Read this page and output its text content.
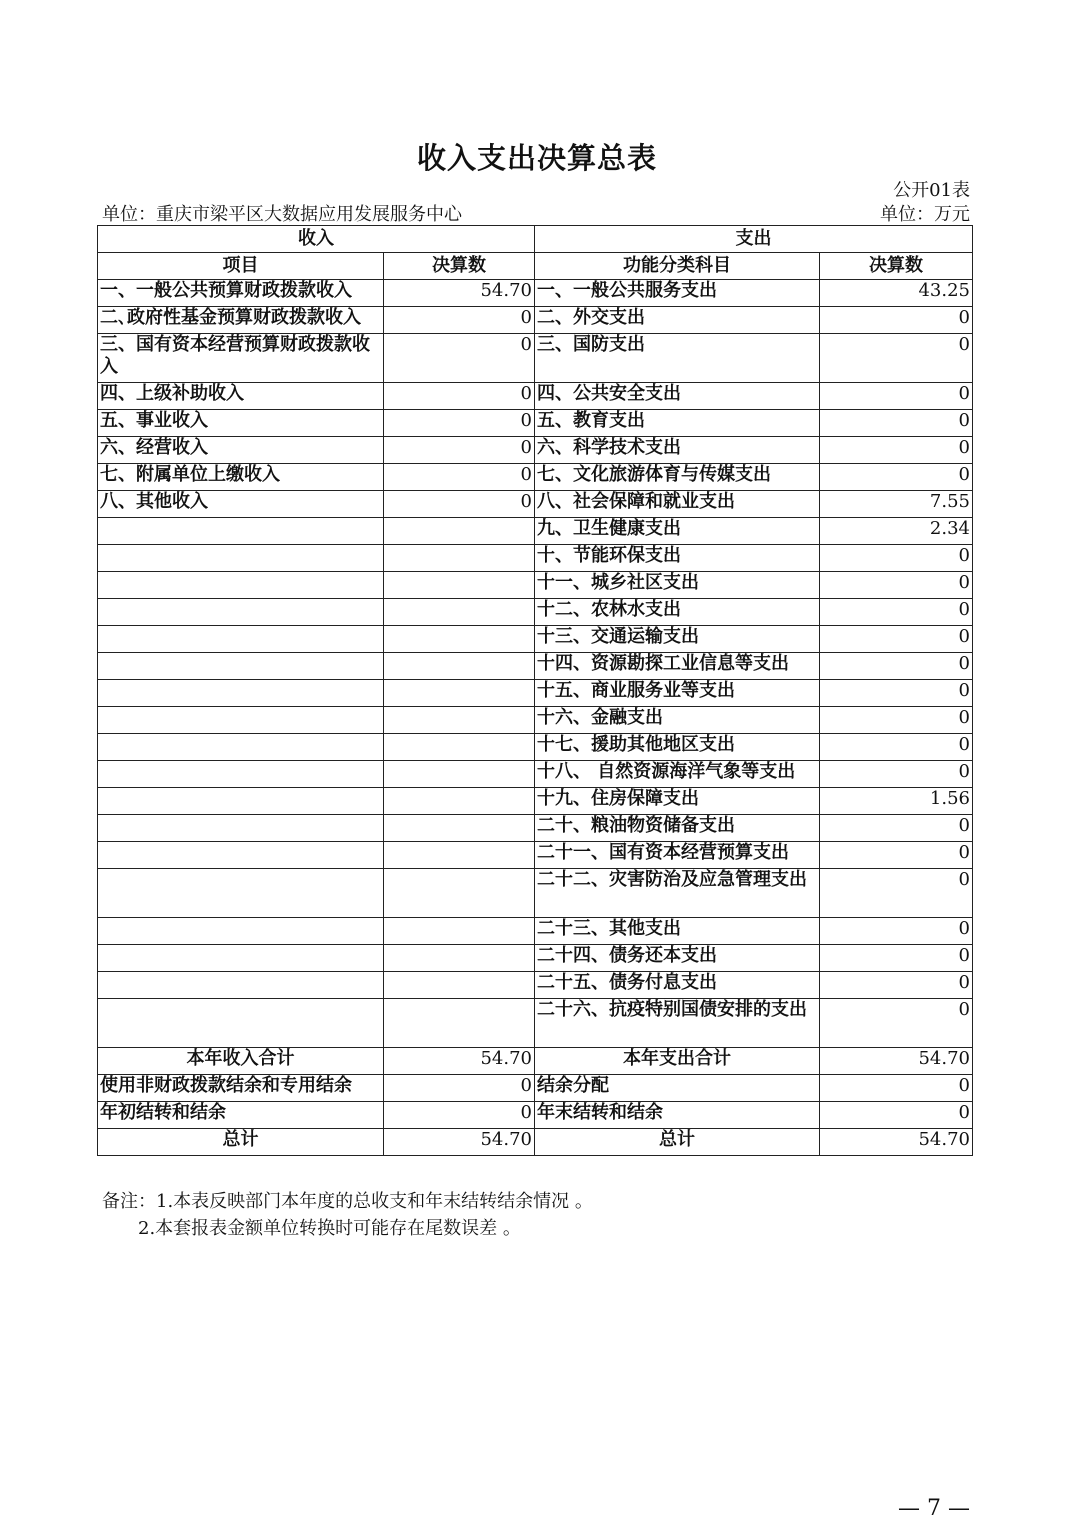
收入支出决算总表
公开01表
单位：重庆市梁平区大数据应用发展服务中心	单位：万元
收入		支出	
项目	决算数	功能分类科目	决算数
一、一般公共预算财政拨款收入	54.70	一、一般公共服务支出	43.25
二､政府性基金预算财政拨款收入	0	二、外交支出	0
三、国有资本经营预算财政拨款收入	0	三、国防支出	0
四、上级补助收入	0	四、公共安全支出	0
五、事业收入	0	五、教育支出	0
六、经营收入	0	六、科学技术支出	0
七、附属单位上缴收入	0	七、文化旅游体育与传媒支出	0
八、其他收入	0	八、社会保障和就业支出	7.55
		九、卫生健康支出	2.34
		十、节能环保支出	0
		十一、城乡社区支出	0
		十二、农林水支出	0
		十三、交通运输支出	0
		十四、资源勘探工业信息等支出	0
		十五、商业服务业等支出	0
		十六、金融支出	0
		十七、援助其他地区支出	0
		十八、 自然资源海洋气象等支出	0
		十九、住房保障支出	1.56
		二十、粮油物资储备支出	0
		二十一、国有资本经营预算支出	0
		二十二、灾害防治及应急管理支出	0
		二十三、其他支出	0
		二十四、债务还本支出	0
		二十五、债务付息支出	0
		二十六、抗疫特别国债安排的支出	0
本年收入合计	54.70	本年支出合计	54.70
使用非财政拨款结余和专用结余	0	结余分配	0
年初结转和结余	0	年末结转和结余	0
总计	54.70	总计	54.70
备注：1.本表反映部门本年度的总收支和年末结转结余情况 。
2.本套报表金额单位转换时可能存在尾数误差 。
— 7 —
